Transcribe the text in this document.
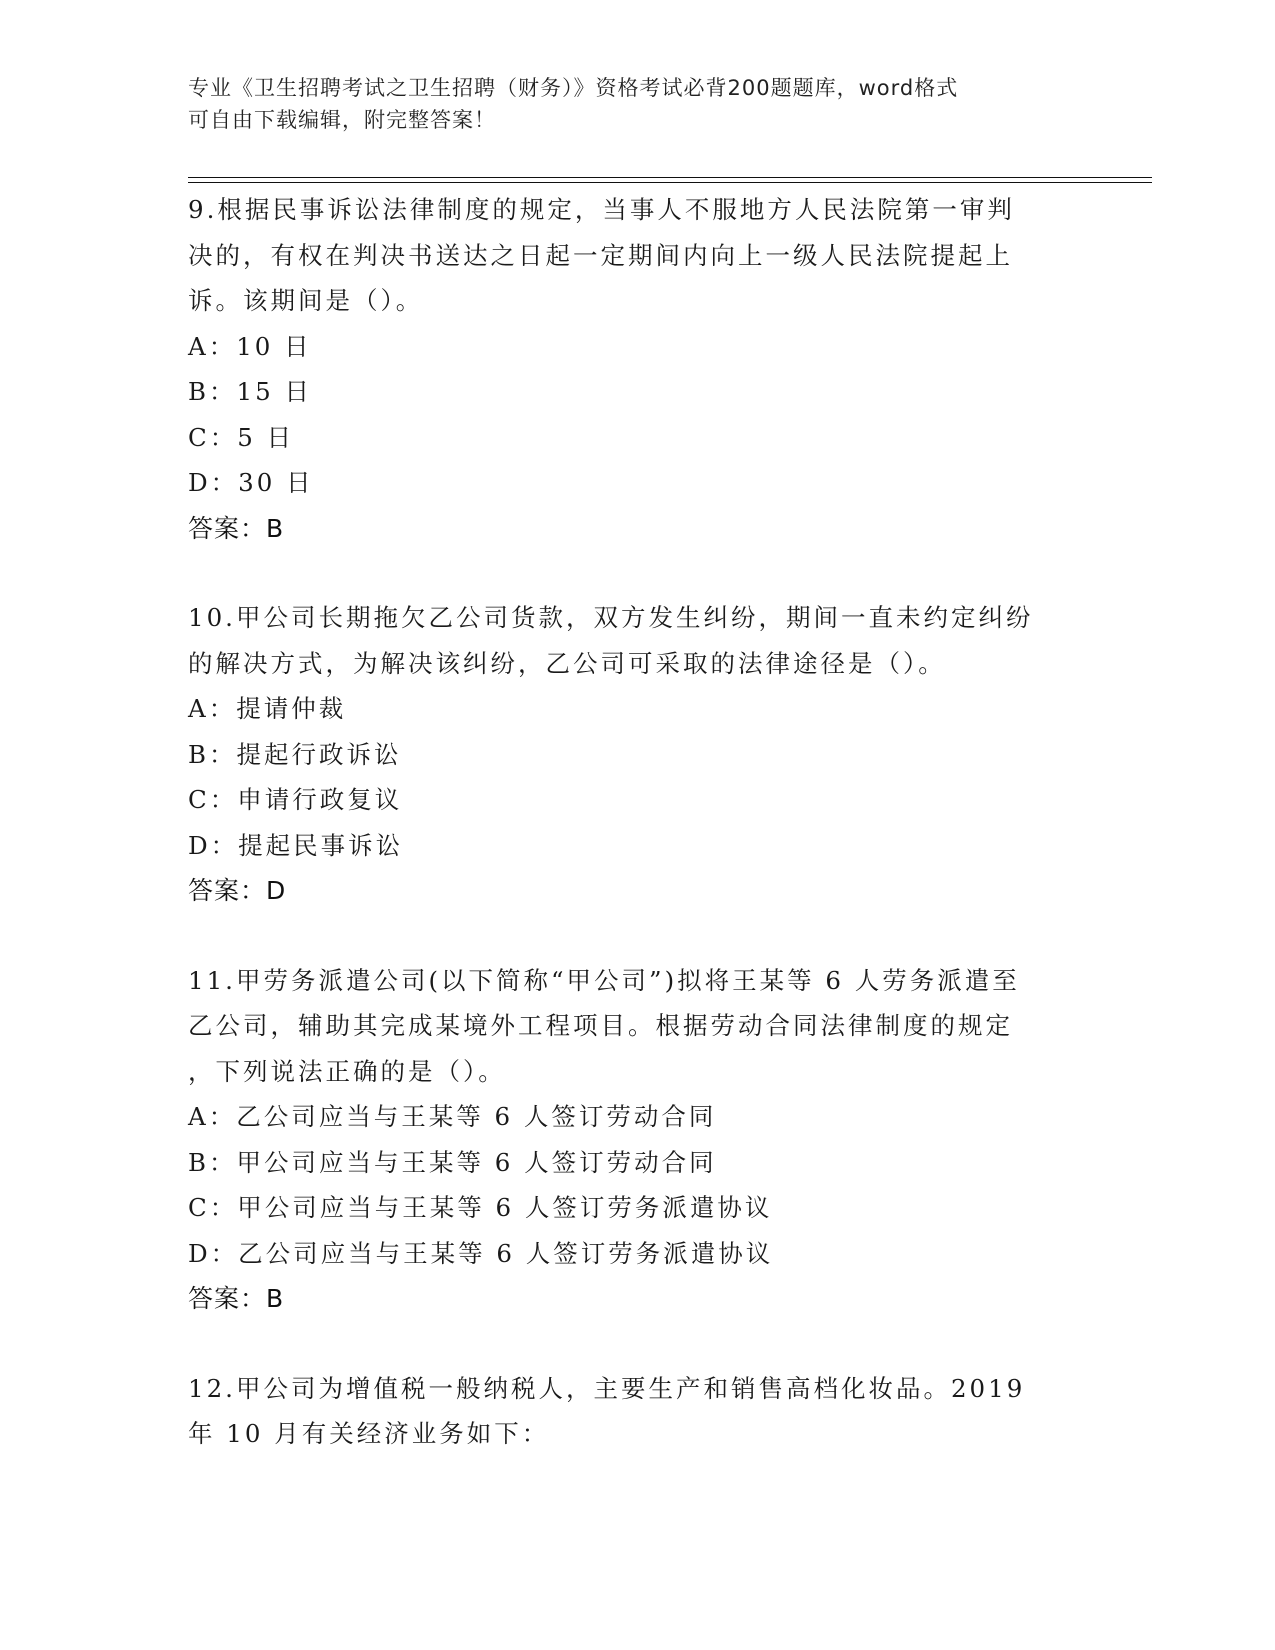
专业《卫生招聘考试之卫生招聘（财务）》资格考试必背200题题库，word格式
可自由下载编辑，附完整答案！
9.根据民事诉讼法律制度的规定，当事人不服地方人民法院第一审判
决的，有权在判决书送达之日起一定期间内向上一级人民法院提起上
诉。该期间是（）。
A：10 日
B：15 日
C：5 日
D：30 日
答案：B
10.甲公司长期拖欠乙公司货款，双方发生纠纷，期间一直未约定纠纷
的解决方式，为解决该纠纷，乙公司可采取的法律途径是（）。
A：提请仲裁
B：提起行政诉讼
C：申请行政复议
D：提起民事诉讼
答案：D
11.甲劳务派遣公司(以下简称“甲公司”)拟将王某等 6 人劳务派遣至
乙公司，辅助其完成某境外工程项目。根据劳动合同法律制度的规定
，下列说法正确的是（）。
A：乙公司应当与王某等 6 人签订劳动合同
B：甲公司应当与王某等 6 人签订劳动合同
C：甲公司应当与王某等 6 人签订劳务派遣协议
D：乙公司应当与王某等 6 人签订劳务派遣协议
答案：B
12.甲公司为增值税一般纳税人，主要生产和销售高档化妆品。2019
年 10 月有关经济业务如下：
